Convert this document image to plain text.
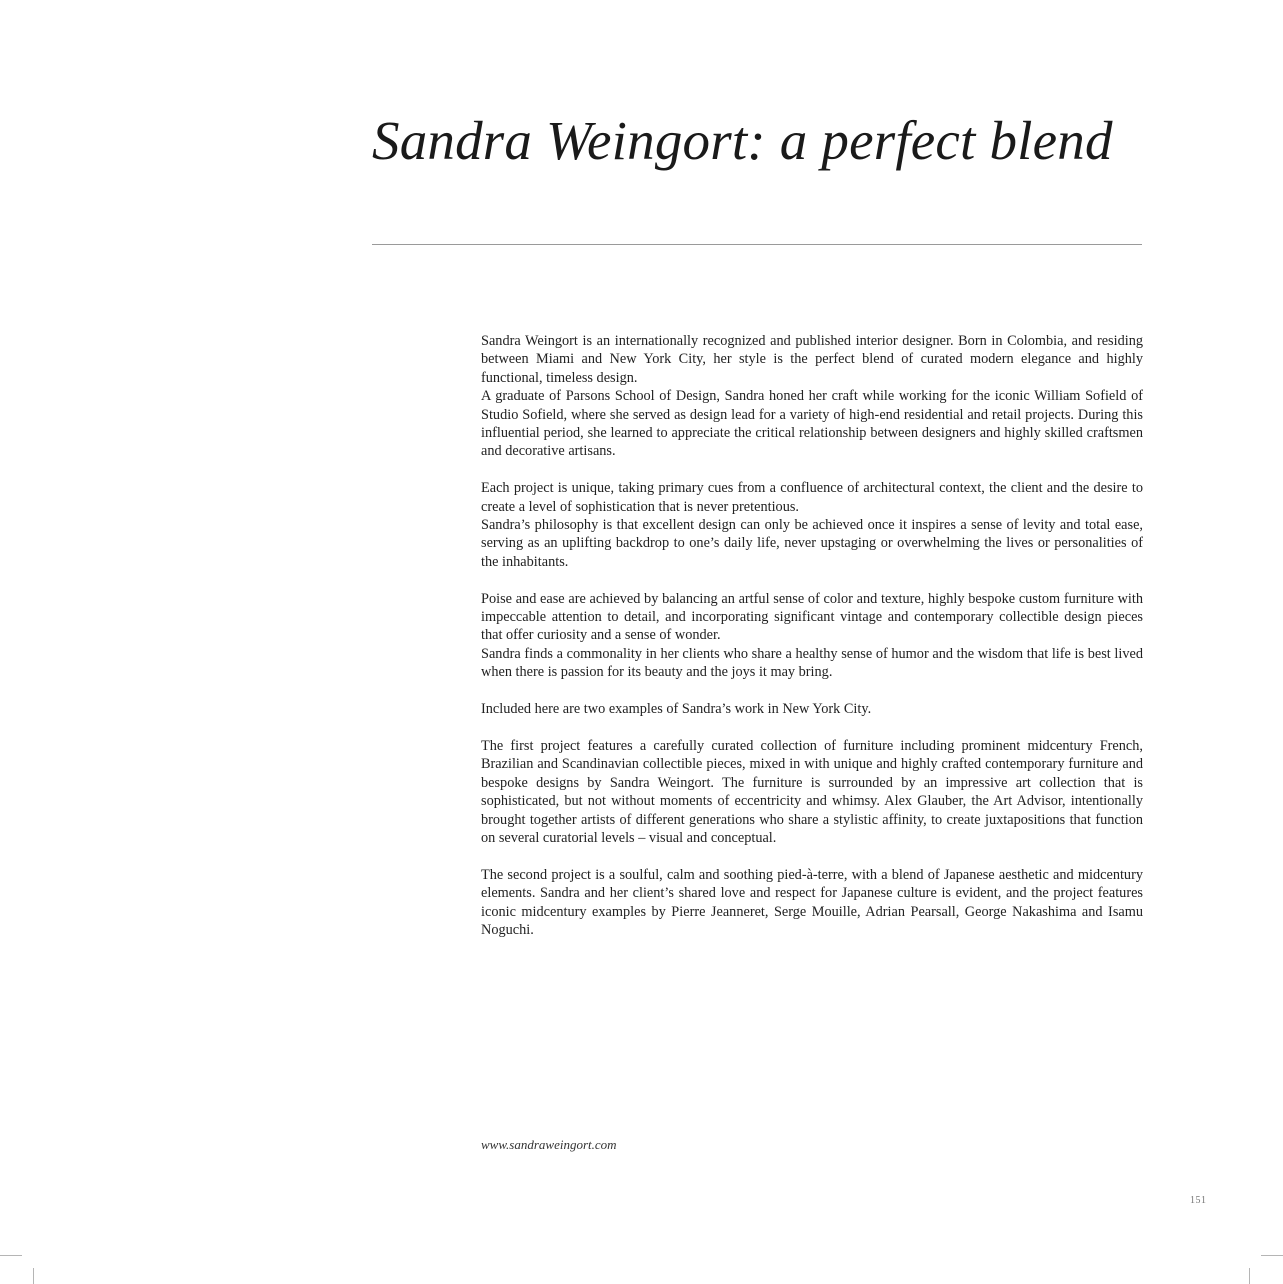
Sandra Weingort: a perfect blend

Sandra Weingort is an internationally recognized and published interior designer. Born in Colombia, and residing between Miami and New York City, her style is the perfect blend of curated modern elegance and highly functional, timeless design.

A graduate of Parsons School of Design, Sandra honed her craft while working for the iconic William Sofield of Studio Sofield, where she served as design lead for a variety of high-end residential and retail projects. During this influential period, she learned to appreciate the critical relationship between designers and highly skilled craftsmen and decorative artisans.

Each project is unique, taking primary cues from a confluence of architectural context, the client and the desire to create a level of sophistication that is never pretentious.

Sandra’s philosophy is that excellent design can only be achieved once it inspires a sense of levity and total ease, serving as an uplifting backdrop to one’s daily life, never upstaging or overwhelming the lives or personalities of the inhabitants.

Poise and ease are achieved by balancing an artful sense of color and texture, highly bespoke custom furniture with impeccable attention to detail, and incorporating significant vintage and contemporary collectible design pieces that offer curiosity and a sense of wonder.

Sandra finds a commonality in her clients who share a healthy sense of humor and the wisdom that life is best lived when there is passion for its beauty and the joys it may bring.

Included here are two examples of Sandra’s work in New York City.

The first project features a carefully curated collection of furniture including prominent midcentury French, Brazilian and Scandinavian collectible pieces, mixed in with unique and highly crafted contemporary furniture and bespoke designs by Sandra Weingort. The furniture is surrounded by an impressive art collection that is sophisticated, but not without moments of eccentricity and whimsy. Alex Glauber, the Art Advisor, intentionally brought together artists of different generations who share a stylistic affinity, to create juxtapositions that function on several curatorial levels – visual and conceptual.

The second project is a soulful, calm and soothing pied-à-terre, with a blend of Japanese aesthetic and midcentury elements. Sandra and her client’s shared love and respect for Japanese culture is evident, and the project features iconic midcentury examples by Pierre Jeanneret, Serge Mouille, Adrian Pearsall, George Nakashima and Isamu Noguchi.

www.sandraweingort.com
151
